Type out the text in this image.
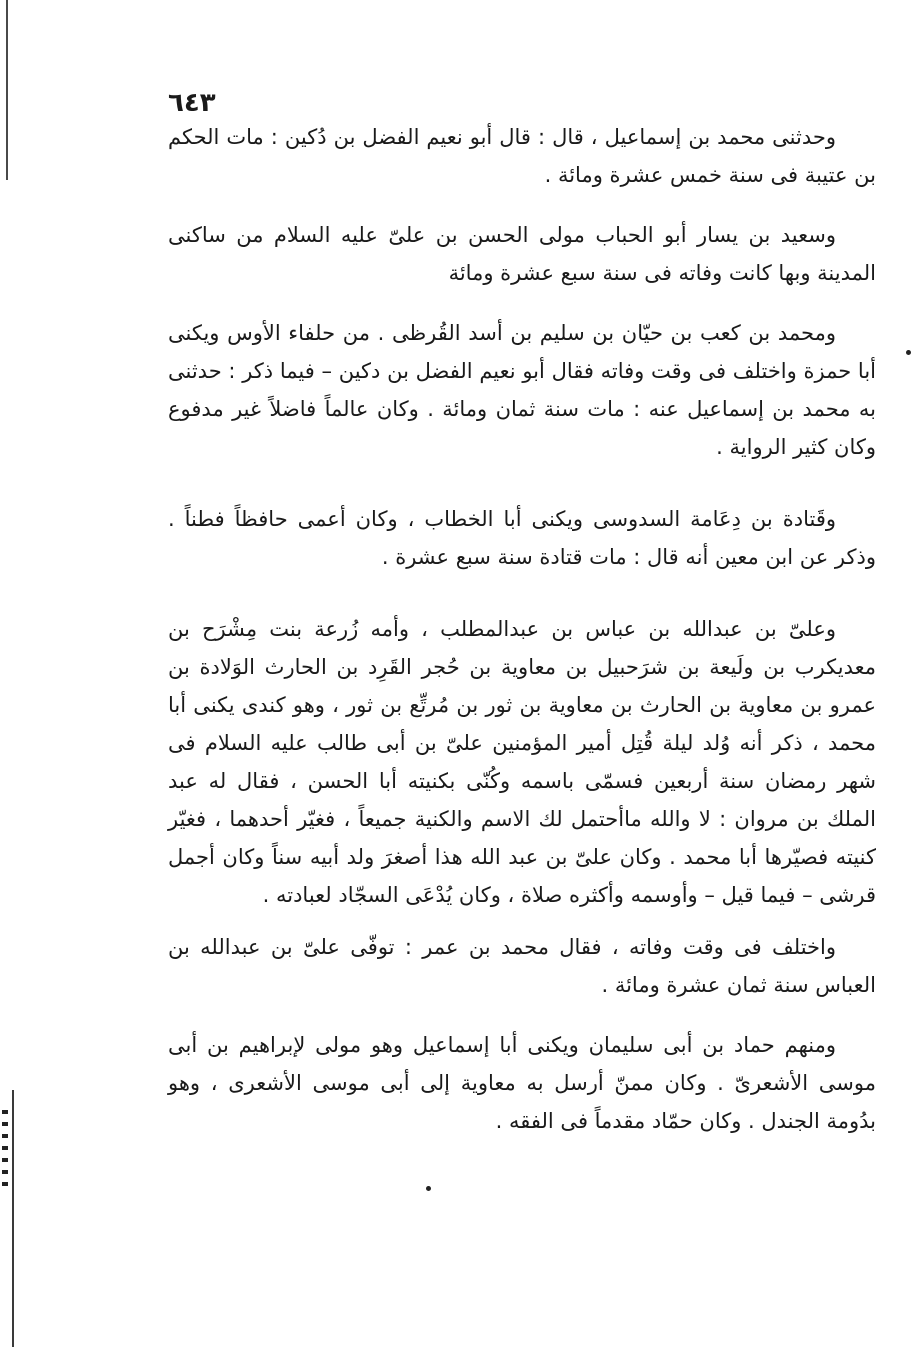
٦٤٣

وحدثنى محمد بن إسماعيل ، قال : قال أبو نعيم الفضل بن دُكين : مات الحكم بن عتيبة فى سنة خمس عشرة ومائة .

وسعيد بن يسار أبو الحباب مولى الحسن بن علىّ عليه السلام من ساكنى المدينة وبها كانت وفاته فى سنة سبع عشرة ومائة

ومحمد بن كعب بن حيّان بن سليم بن أسد القُرظى . من حلفاء الأوس ويكنى أبا حمزة واختلف فى وقت وفاته فقال أبو نعيم الفضل بن دكين – فيما ذكر : حدثنى به محمد بن إسماعيل عنه : مات سنة ثمان ومائة . وكان عالماً فاضلاً غير مدفوع وكان كثير الرواية .

وقَتادة بن دِعَامة السدوسى ويكنى أبا الخطاب ، وكان أعمى حافظاً فطناً . وذكر عن ابن معين أنه قال : مات قتادة سنة سبع عشرة .

وعلىّ بن عبدالله بن عباس بن عبدالمطلب ، وأمه زُرعة بنت مِشْرَح بن معديكرب بن ولَيعة بن شرَحبيل بن معاوية بن حُجر القَرِد بن الحارث الوَلادة بن عمرو بن معاوية بن الحارث بن معاوية بن ثور بن مُرتِّع بن ثور ، وهو كندى يكنى أبا محمد ، ذكر أنه وُلد ليلة قُتِل أمير المؤمنين علىّ بن أبى طالب عليه السلام فى شهر رمضان سنة أربعين فسمّى باسمه وكُنّى بكنيته أبا الحسن ، فقال له عبد الملك بن مروان : لا والله ماأحتمل لك الاسم والكنية جميعاً ، فغيّر أحدهما ، فغيّر كنيته فصيّرها أبا محمد . وكان علىّ بن عبد الله هذا أصغرَ ولد أبيه سناً وكان أجمل قرشى – فيما قيل – وأوسمه وأكثره صلاة ، وكان يُدْعَى السجّاد لعبادته .

واختلف فى وقت وفاته ، فقال محمد بن عمر : توفّى علىّ بن عبدالله بن العباس سنة ثمان عشرة ومائة .

ومنهم حماد بن أبى سليمان ويكنى أبا إسماعيل وهو مولى لإبراهيم بن أبى موسى الأشعرىّ . وكان ممنّ أرسل به معاوية إلى أبى موسى الأشعرى ، وهو بدُومة الجندل . وكان حمّاد مقدماً فى الفقه .
